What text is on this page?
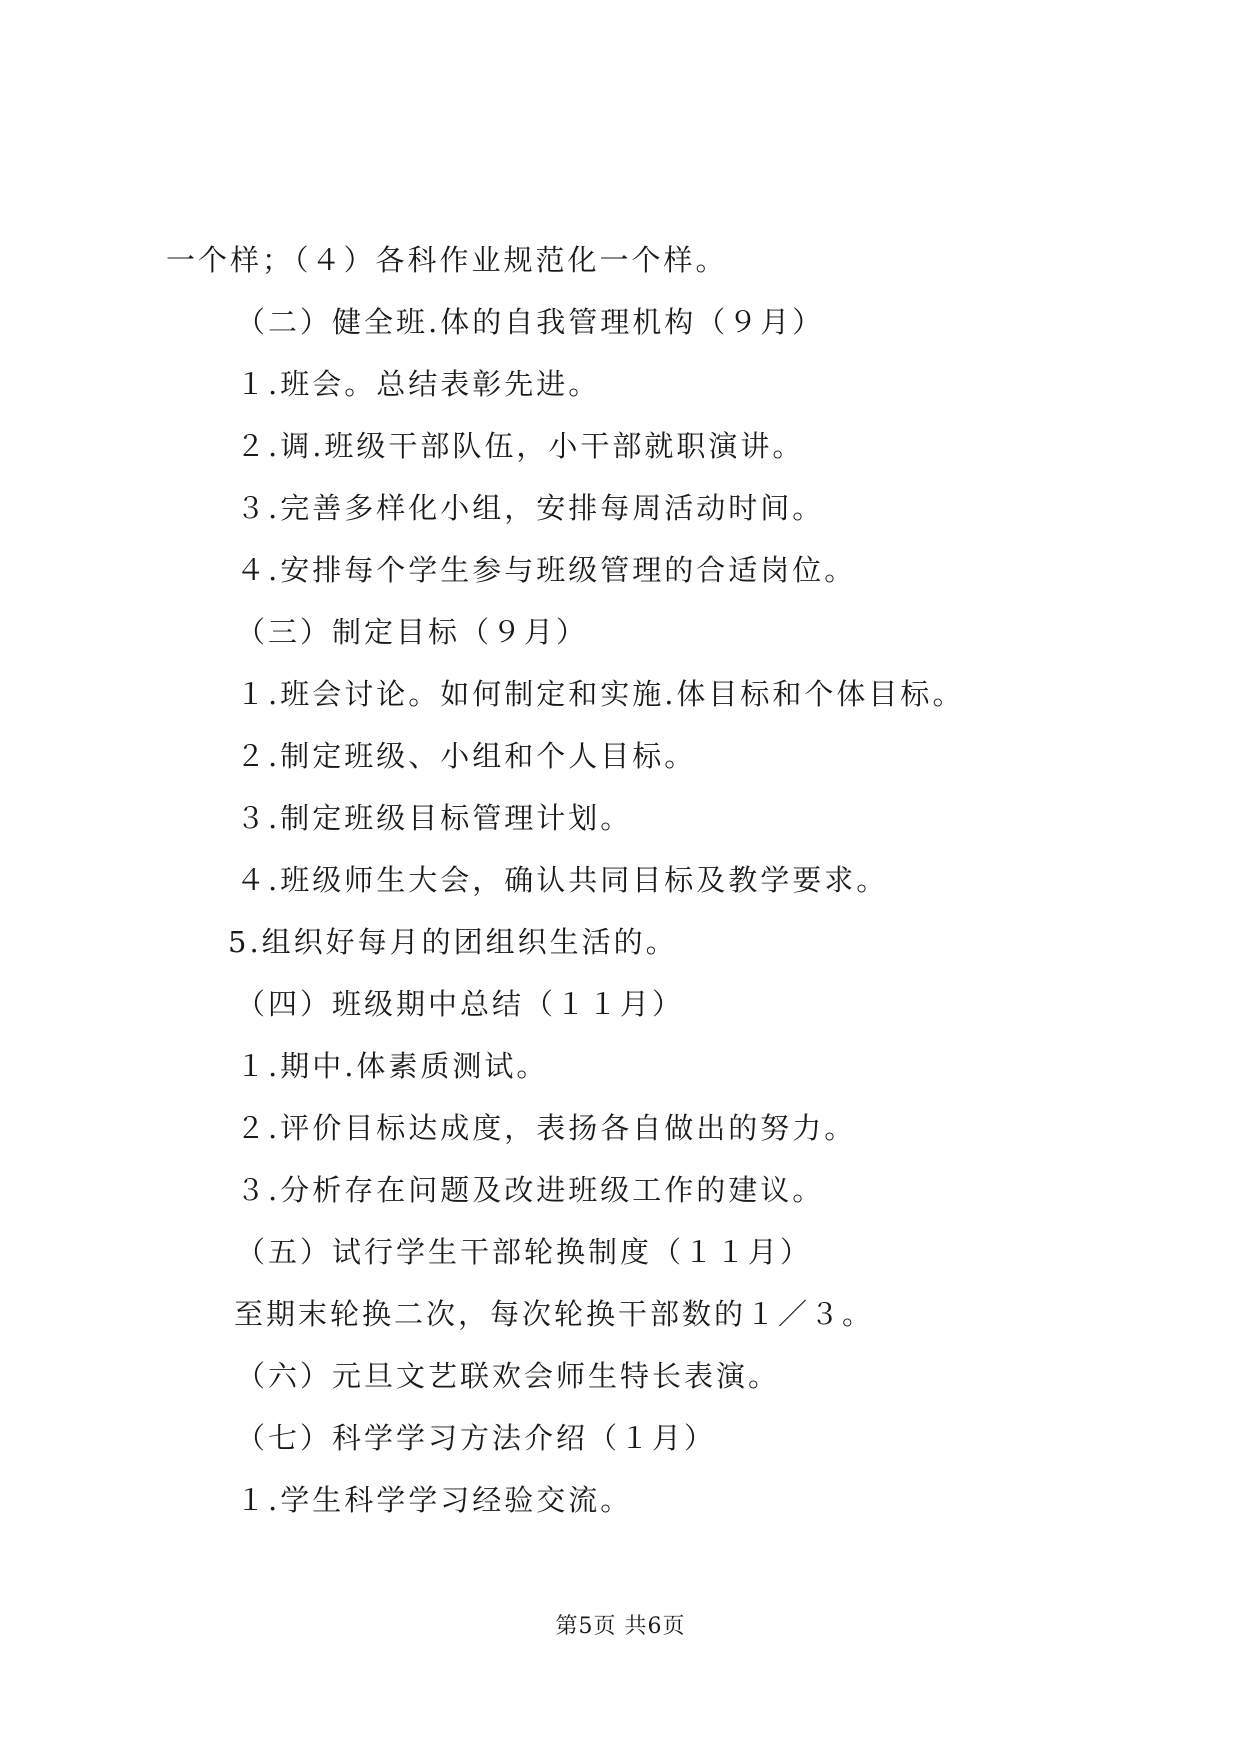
一个样；（４）各科作业规范化一个样。
（二）健全班.体的自我管理机构（９月）
１.班会。总结表彰先进。
２.调.班级干部队伍，小干部就职演讲。
３.完善多样化小组，安排每周活动时间。
４.安排每个学生参与班级管理的合适岗位。
（三）制定目标（９月）
１.班会讨论。如何制定和实施.体目标和个体目标。
２.制定班级、小组和个人目标。
３.制定班级目标管理计划。
４.班级师生大会，确认共同目标及教学要求。
5.组织好每月的团组织生活的。
（四）班级期中总结（１１月）
１.期中.体素质测试。
２.评价目标达成度，表扬各自做出的努力。
３.分析存在问题及改进班级工作的建议。
（五）试行学生干部轮换制度（１１月）
至期末轮换二次，每次轮换干部数的１／３。
（六）元旦文艺联欢会师生特长表演。
（七）科学学习方法介绍（１月）
１.学生科学学习经验交流。
第5页 共6页
